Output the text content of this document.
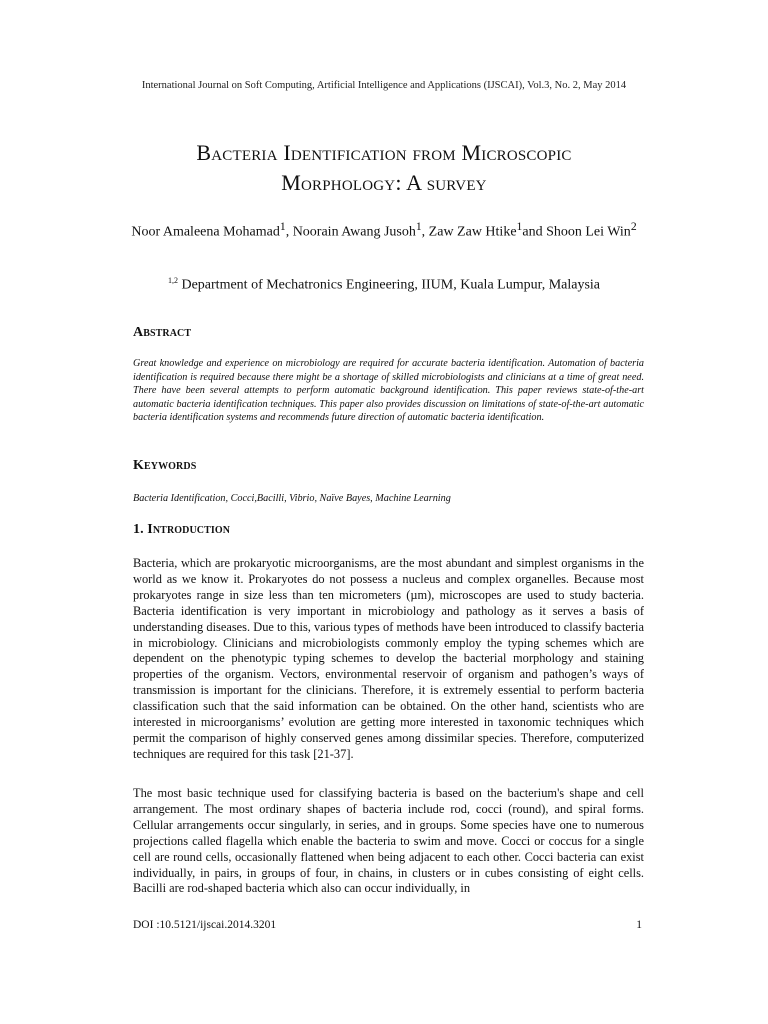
International Journal on Soft Computing, Artificial Intelligence and Applications (IJSCAI), Vol.3, No. 2, May 2014
Bacteria Identification from Microscopic
Morphology: A survey
Noor Amaleena Mohamad$^1$, Noorain Awang Jusoh$^1$, Zaw Zaw Htike$^1$and Shoon Lei Win$^2$
$^{1,2}$ Department of Mechatronics Engineering, IIUM, Kuala Lumpur, Malaysia
Abstract
Great knowledge and experience on microbiology are required for accurate bacteria identification. Automation of bacteria identification is required because there might be a shortage of skilled microbiologists and clinicians at a time of great need. There have been several attempts to perform automatic background identification. This paper reviews state-of-the-art automatic bacteria identification techniques. This paper also provides discussion on limitations of state-of-the-art automatic bacteria identification systems and recommends future direction of automatic bacteria identification.
Keywords
Bacteria Identification, Cocci,Bacilli, Vibrio, Naïve Bayes, Machine Learning
1. Introduction
Bacteria, which are prokaryotic microorganisms, are the most abundant and simplest organisms in the world as we know it. Prokaryotes do not possess a nucleus and complex organelles. Because most prokaryotes range in size less than ten micrometers (µm), microscopes are used to study bacteria. Bacteria identification is very important in microbiology and pathology as it serves a basis of understanding diseases. Due to this, various types of methods have been introduced to classify bacteria in microbiology. Clinicians and microbiologists commonly employ the typing schemes which are dependent on the phenotypic typing schemes to develop the bacterial morphology and staining properties of the organism. Vectors, environmental reservoir of organism and pathogen’s ways of transmission is important for the clinicians. Therefore, it is extremely essential to perform bacteria classification such that the said information can be obtained. On the other hand, scientists who are interested in microorganisms’ evolution are getting more interested in taxonomic techniques which permit the comparison of highly conserved genes among dissimilar species. Therefore, computerized techniques are required for this task [21-37].
The most basic technique used for classifying bacteria is based on the bacterium's shape and cell arrangement. The most ordinary shapes of bacteria include rod, cocci (round), and spiral forms. Cellular arrangements occur singularly, in series, and in groups. Some species have one to numerous projections called flagella which enable the bacteria to swim and move. Cocci or coccus for a single cell are round cells, occasionally flattened when being adjacent to each other. Cocci bacteria can exist individually, in pairs, in groups of four, in chains, in clusters or in cubes consisting of eight cells. Bacilli are rod-shaped bacteria which also can occur individually, in
DOI :10.5121/ijscai.2014.3201	1
